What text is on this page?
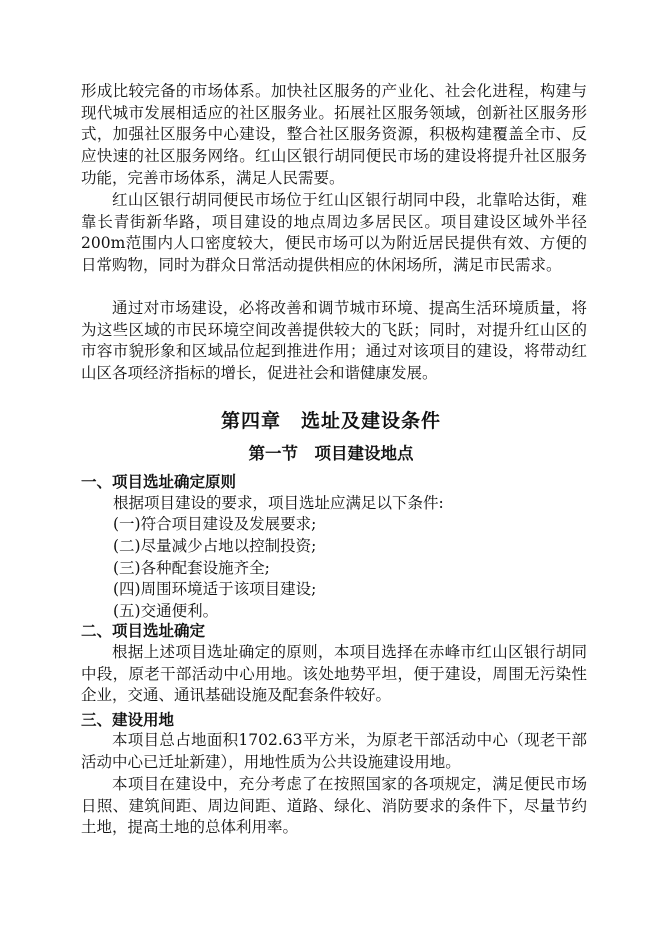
形成比较完备的市场体系。加快社区服务的产业化、社会化进程，构建与现代城市发展相适应的社区服务业。拓展社区服务领域，创新社区服务形式，加强社区服务中心建设，整合社区服务资源，积极构建覆盖全市、反应快速的社区服务网络。红山区银行胡同便民市场的建设将提升社区服务功能，完善市场体系，满足人民需要。

红山区银行胡同便民市场位于红山区银行胡同中段，北靠哈达街，难靠长青街新华路，项目建设的地点周边多居民区。项目建设区域外半径200m范围内人口密度较大，便民市场可以为附近居民提供有效、方便的日常购物，同时为群众日常活动提供相应的休闲场所，满足市民需求。

通过对市场建设，必将改善和调节城市环境、提高生活环境质量，将为这些区域的市民环境空间改善提供较大的飞跃；同时，对提升红山区的市容市貌形象和区域品位起到推进作用；通过对该项目的建设，将带动红山区各项经济指标的增长，促进社会和谐健康发展。

第四章　选址及建设条件
第一节　项目建设地点
一、项目选址确定原则

根据项目建设的要求，项目选址应满足以下条件:

(一)符合项目建设及发展要求;

(二)尽量减少占地以控制投资;

(三)各种配套设施齐全;

(四)周围环境适于该项目建设;

(五)交通便利。

二、项目选址确定

根据上述项目选址确定的原则，本项目选择在赤峰市红山区银行胡同中段，原老干部活动中心用地。该处地势平坦，便于建设，周围无污染性企业，交通、通讯基础设施及配套条件较好。

三、建设用地

本项目总占地面积1702.63平方米，为原老干部活动中心（现老干部活动中心已迁址新建），用地性质为公共设施建设用地。

本项目在建设中，充分考虑了在按照国家的各项规定，满足便民市场日照、建筑间距、周边间距、道路、绿化、消防要求的条件下，尽量节约土地，提高土地的总体利用率。
